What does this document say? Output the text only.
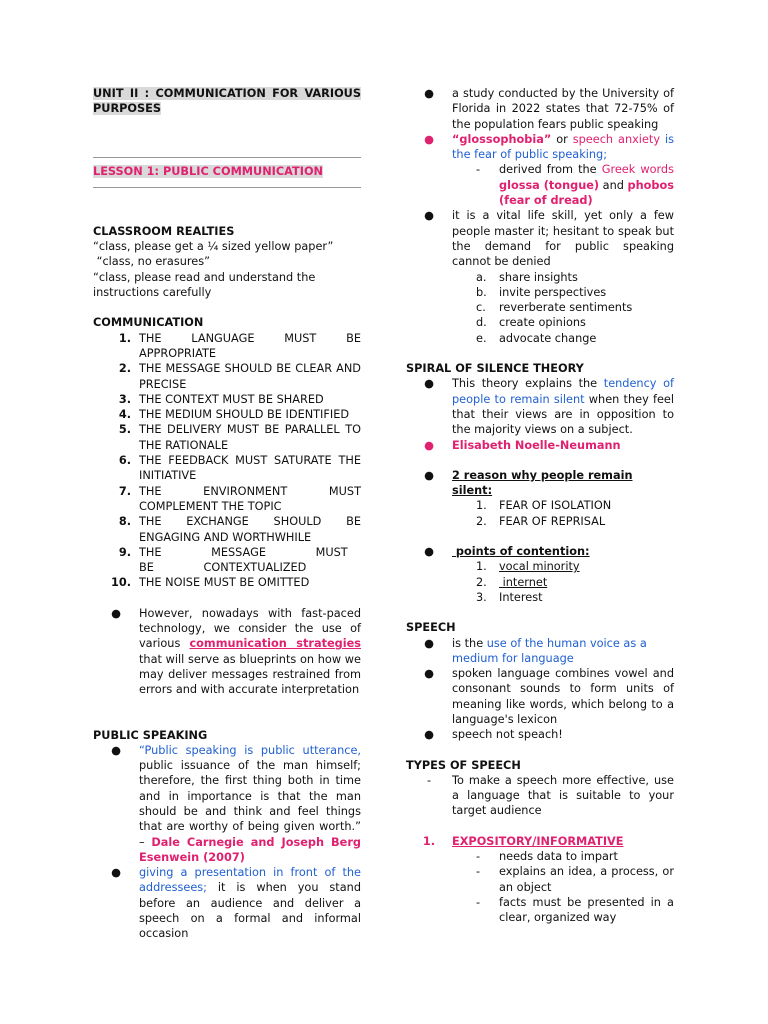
UNIT II : COMMUNICATION FOR VARIOUS PURPOSES

LESSON 1: PUBLIC COMMUNICATION

CLASSROOM REALTIES

“class, please get a ¼ sized yellow paper”

“class, no erasures”

“class, please read and understand the instructions carefully

COMMUNICATION

1. THE LANGUAGE MUST BE APPROPRIATE
2. THE MESSAGE SHOULD BE CLEAR AND PRECISE
3. THE CONTEXT MUST BE SHARED
4. THE MEDIUM SHOULD BE IDENTIFIED
5. THE DELIVERY MUST BE PARALLEL TO THE RATIONALE
6. THE FEEDBACK MUST SATURATE THE INITIATIVE
7. THE ENVIRONMENT MUST COMPLEMENT THE TOPIC
8. THE EXCHANGE SHOULD BE ENGAGING AND WORTHWHILE
9. THE MESSAGE MUST BE CONTEXTUALIZED
10. THE NOISE MUST BE OMITTED
●	However, nowadays with fast-paced technology, we consider the use of various communication strategies that will serve as blueprints on how we may deliver messages restrained from errors and with accurate interpretation

PUBLIC SPEAKING

●	“Public speaking is public utterance, public issuance of the man himself; therefore, the first thing both in time and in importance is that the man should be and think and feel things that are worthy of being given worth.” – Dale Carnegie and Joseph Berg Esenwein (2007)
●	giving a presentation in front of the addressees; it is when you stand before an audience and deliver a speech on a formal and informal occasion
●	a study conducted by the University of Florida in 2022 states that 72-75% of the population fears public speaking
●	“glossophobia” or speech anxiety is the fear of public speaking;
-	derived from the Greek words glossa (tongue) and phobos (fear of dread)
●	it is a vital life skill, yet only a few people master it; hesitant to speak but the demand for public speaking cannot be denied
a.	share insights
b.	invite perspectives
c.	reverberate sentiments
d.	create opinions
e.	advocate change

SPIRAL OF SILENCE THEORY

●	This theory explains the tendency of people to remain silent when they feel that their views are in opposition to the majority views on a subject.
●	Elisabeth Noelle-Neumann
●	2 reason why people remain silent:
1.	FEAR OF ISOLATION
2.	FEAR OF REPRISAL
●	points of contention:
1.	vocal minority
2.	internet
3.	Interest

SPEECH

●	is the use of the human voice as a medium for language
●	spoken language combines vowel and consonant sounds to form units of meaning like words, which belong to a language's lexicon
●	speech not speach!

TYPES OF SPEECH

-	To make a speech more effective, use a language that is suitable to your target audience
1.	EXPOSITORY/INFORMATIVE
-	needs data to impart
-	explains an idea, a process, or an object
-	facts must be presented in a clear, organized way
